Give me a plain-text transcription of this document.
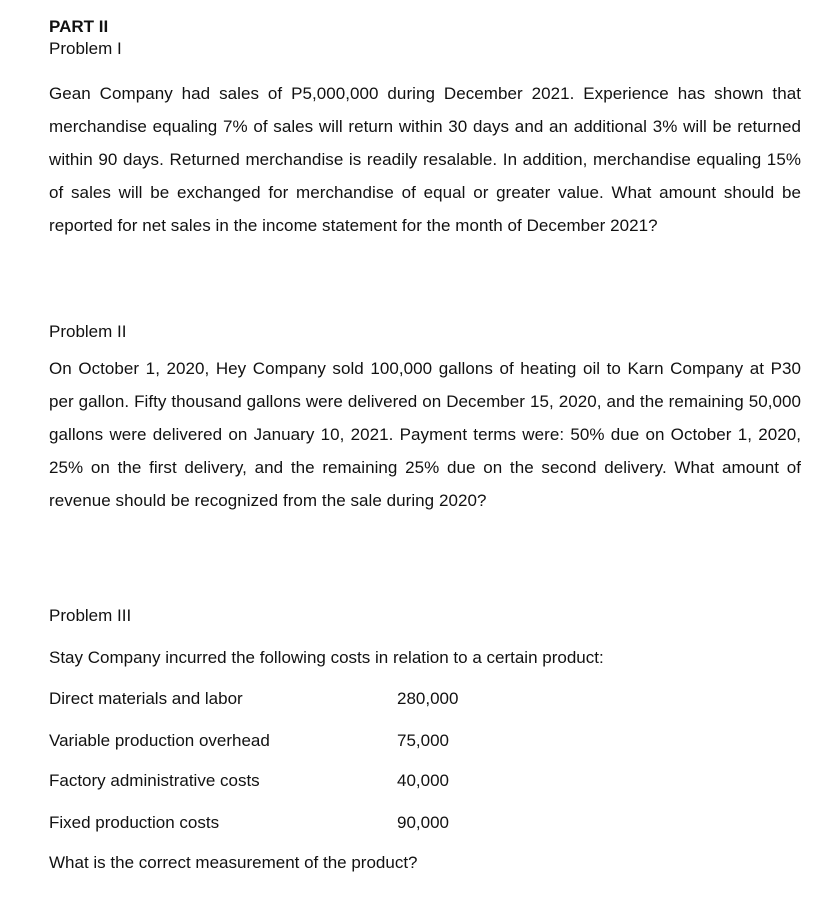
PART II
Problem I
Gean Company had sales of P5,000,000 during December 2021. Experience has shown that merchandise equaling 7% of sales will return within 30 days and an additional 3% will be returned within 90 days. Returned merchandise is readily resalable. In addition, merchandise equaling 15% of sales will be exchanged for merchandise of equal or greater value. What amount should be reported for net sales in the income statement for the month of December 2021?
Problem II
On October 1, 2020, Hey Company sold 100,000 gallons of heating oil to Karn Company at P30 per gallon. Fifty thousand gallons were delivered on December 15, 2020, and the remaining 50,000 gallons were delivered on January 10, 2021. Payment terms were: 50% due on October 1, 2020, 25% on the first delivery, and the remaining 25% due on the second delivery. What amount of revenue should be recognized from the sale during 2020?
Problem III
Stay Company incurred the following costs in relation to a certain product:
Direct materials and labor	280,000
Variable production overhead	75,000
Factory administrative costs	40,000
Fixed production costs	90,000
What is the correct measurement of the product?
